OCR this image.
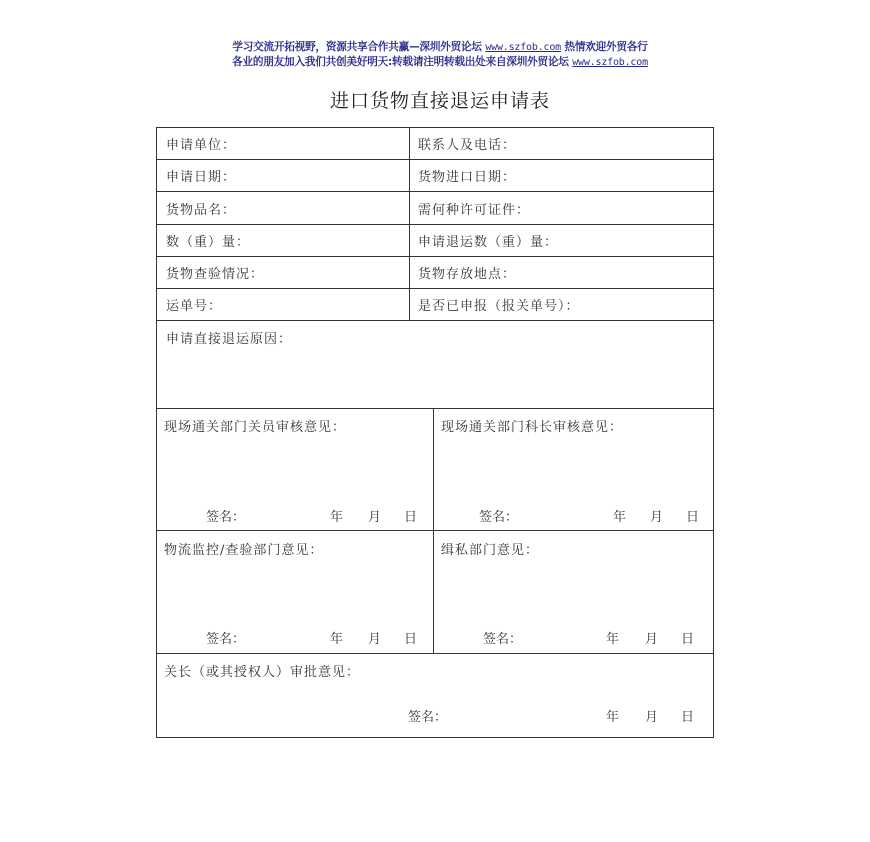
学习交流开拓视野，资源共享合作共赢—深圳外贸论坛 www.szfob.com 热情欢迎外贸各行
各业的朋友加入我们共创美好明天:转载请注明转载出处来自深圳外贸论坛 www.szfob.com
进口货物直接退运申请表
申请单位：	联系人及电话：
申请日期：	货物进口日期：
货物品名：	需何种许可证件：
数（重）量：	申请退运数（重）量：
货物查验情况：	货物存放地点：
运单号：	是否已申报（报关单号）：
申请直接退运原因：
现场通关部门关员审核意见：
签名：	年 月 日
现场通关部门科长审核意见：
签名：	年 月 日
物流监控/查验部门意见：
签名：	年 月 日
缉私部门意见：
签名：	年 月 日
关长（或其授权人）审批意见：
签名：	年 月 日
